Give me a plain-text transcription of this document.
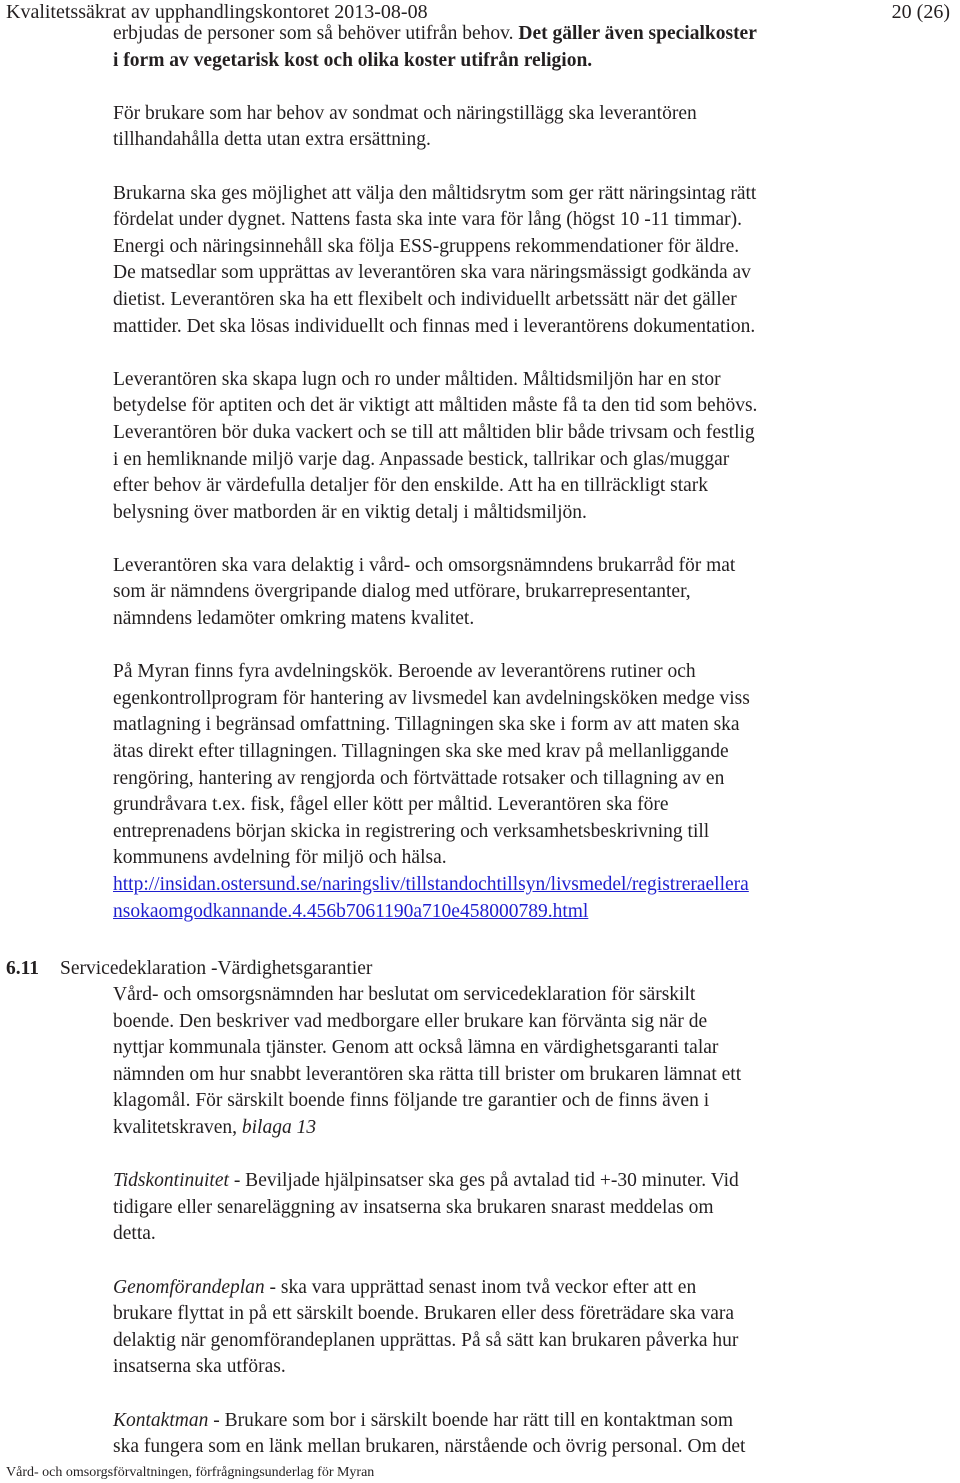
Kvalitetssäkrat av upphandlingskontoret 2013-08-08	20 (26)
erbjudas de personer som så behöver utifrån behov. Det gäller även specialkoster
i form av vegetarisk kost och olika koster utifrån religion.
För brukare som har behov av sondmat och näringstillägg ska leverantören
tillhandahålla detta utan extra ersättning.
Brukarna ska ges möjlighet att välja den måltidsrytm som ger rätt näringsintag rätt
fördelat under dygnet. Nattens fasta ska inte vara för lång (högst 10 -11 timmar).
Energi och näringsinnehåll ska följa ESS-gruppens rekommendationer för äldre.
De matsedlar som upprättas av leverantören ska vara näringsmässigt godkända av
dietist. Leverantören ska ha ett flexibelt och individuellt arbetssätt när det gäller
mattider. Det ska lösas individuellt och finnas med i leverantörens dokumentation.
Leverantören ska skapa lugn och ro under måltiden. Måltidsmiljön har en stor
betydelse för aptiten och det är viktigt att måltiden måste få ta den tid som behövs.
Leverantören bör duka vackert och se till att måltiden blir både trivsam och festlig
i en hemliknande miljö varje dag. Anpassade bestick, tallrikar och glas/muggar
efter behov är värdefulla detaljer för den enskilde. Att ha en tillräckligt stark
belysning över matborden är en viktig detalj i måltidsmiljön.
Leverantören ska vara delaktig i vård- och omsorgsnämndens brukarråd för mat
som är nämndens övergripande dialog med utförare, brukarrepresentanter,
nämndens ledamöter omkring matens kvalitet.
På Myran finns fyra avdelningskök. Beroende av leverantörens rutiner och
egenkontrollprogram för hantering av livsmedel kan avdelningsköken medge viss
matlagning i begränsad omfattning. Tillagningen ska ske i form av att maten ska
ätas direkt efter tillagningen. Tillagningen ska ske med krav på mellanliggande
rengöring, hantering av rengjorda och förtvättade rotsaker och tillagning av en
grundråvara t.ex. fisk, fågel eller kött per måltid. Leverantören ska före
entreprenadens början skicka in registrering och verksamhetsbeskrivning till
kommunens avdelning för miljö och hälsa.
http://insidan.ostersund.se/naringsliv/tillstandochtillsyn/livsmedel/registreraellera
nsokaomgodkannande.4.456b7061190a710e458000789.html
6.11 Servicedeklaration -Värdighetsgarantier
Vård- och omsorgsnämnden har beslutat om servicedeklaration för särskilt
boende. Den beskriver vad medborgare eller brukare kan förvänta sig när de
nyttjar kommunala tjänster. Genom att också lämna en värdighetsgaranti talar
nämnden om hur snabbt leverantören ska rätta till brister om brukaren lämnat ett
klagomål. För särskilt boende finns följande tre garantier och de finns även i
kvalitetskraven, bilaga 13
Tidskontinuitet - Beviljade hjälpinsatser ska ges på avtalad tid +-30 minuter. Vid
tidigare eller senareläggning av insatserna ska brukaren snarast meddelas om
detta.
Genomförandeplan - ska vara upprättad senast inom två veckor efter att en
brukare flyttat in på ett särskilt boende. Brukaren eller dess företrädare ska vara
delaktig när genomförandeplanen upprättas. På så sätt kan brukaren påverka hur
insatserna ska utföras.
Kontaktman - Brukare som bor i särskilt boende har rätt till en kontaktman som
ska fungera som en länk mellan brukaren, närstående och övrig personal. Om det
Vård- och omsorgsförvaltningen, förfrågningsunderlag för Myran
